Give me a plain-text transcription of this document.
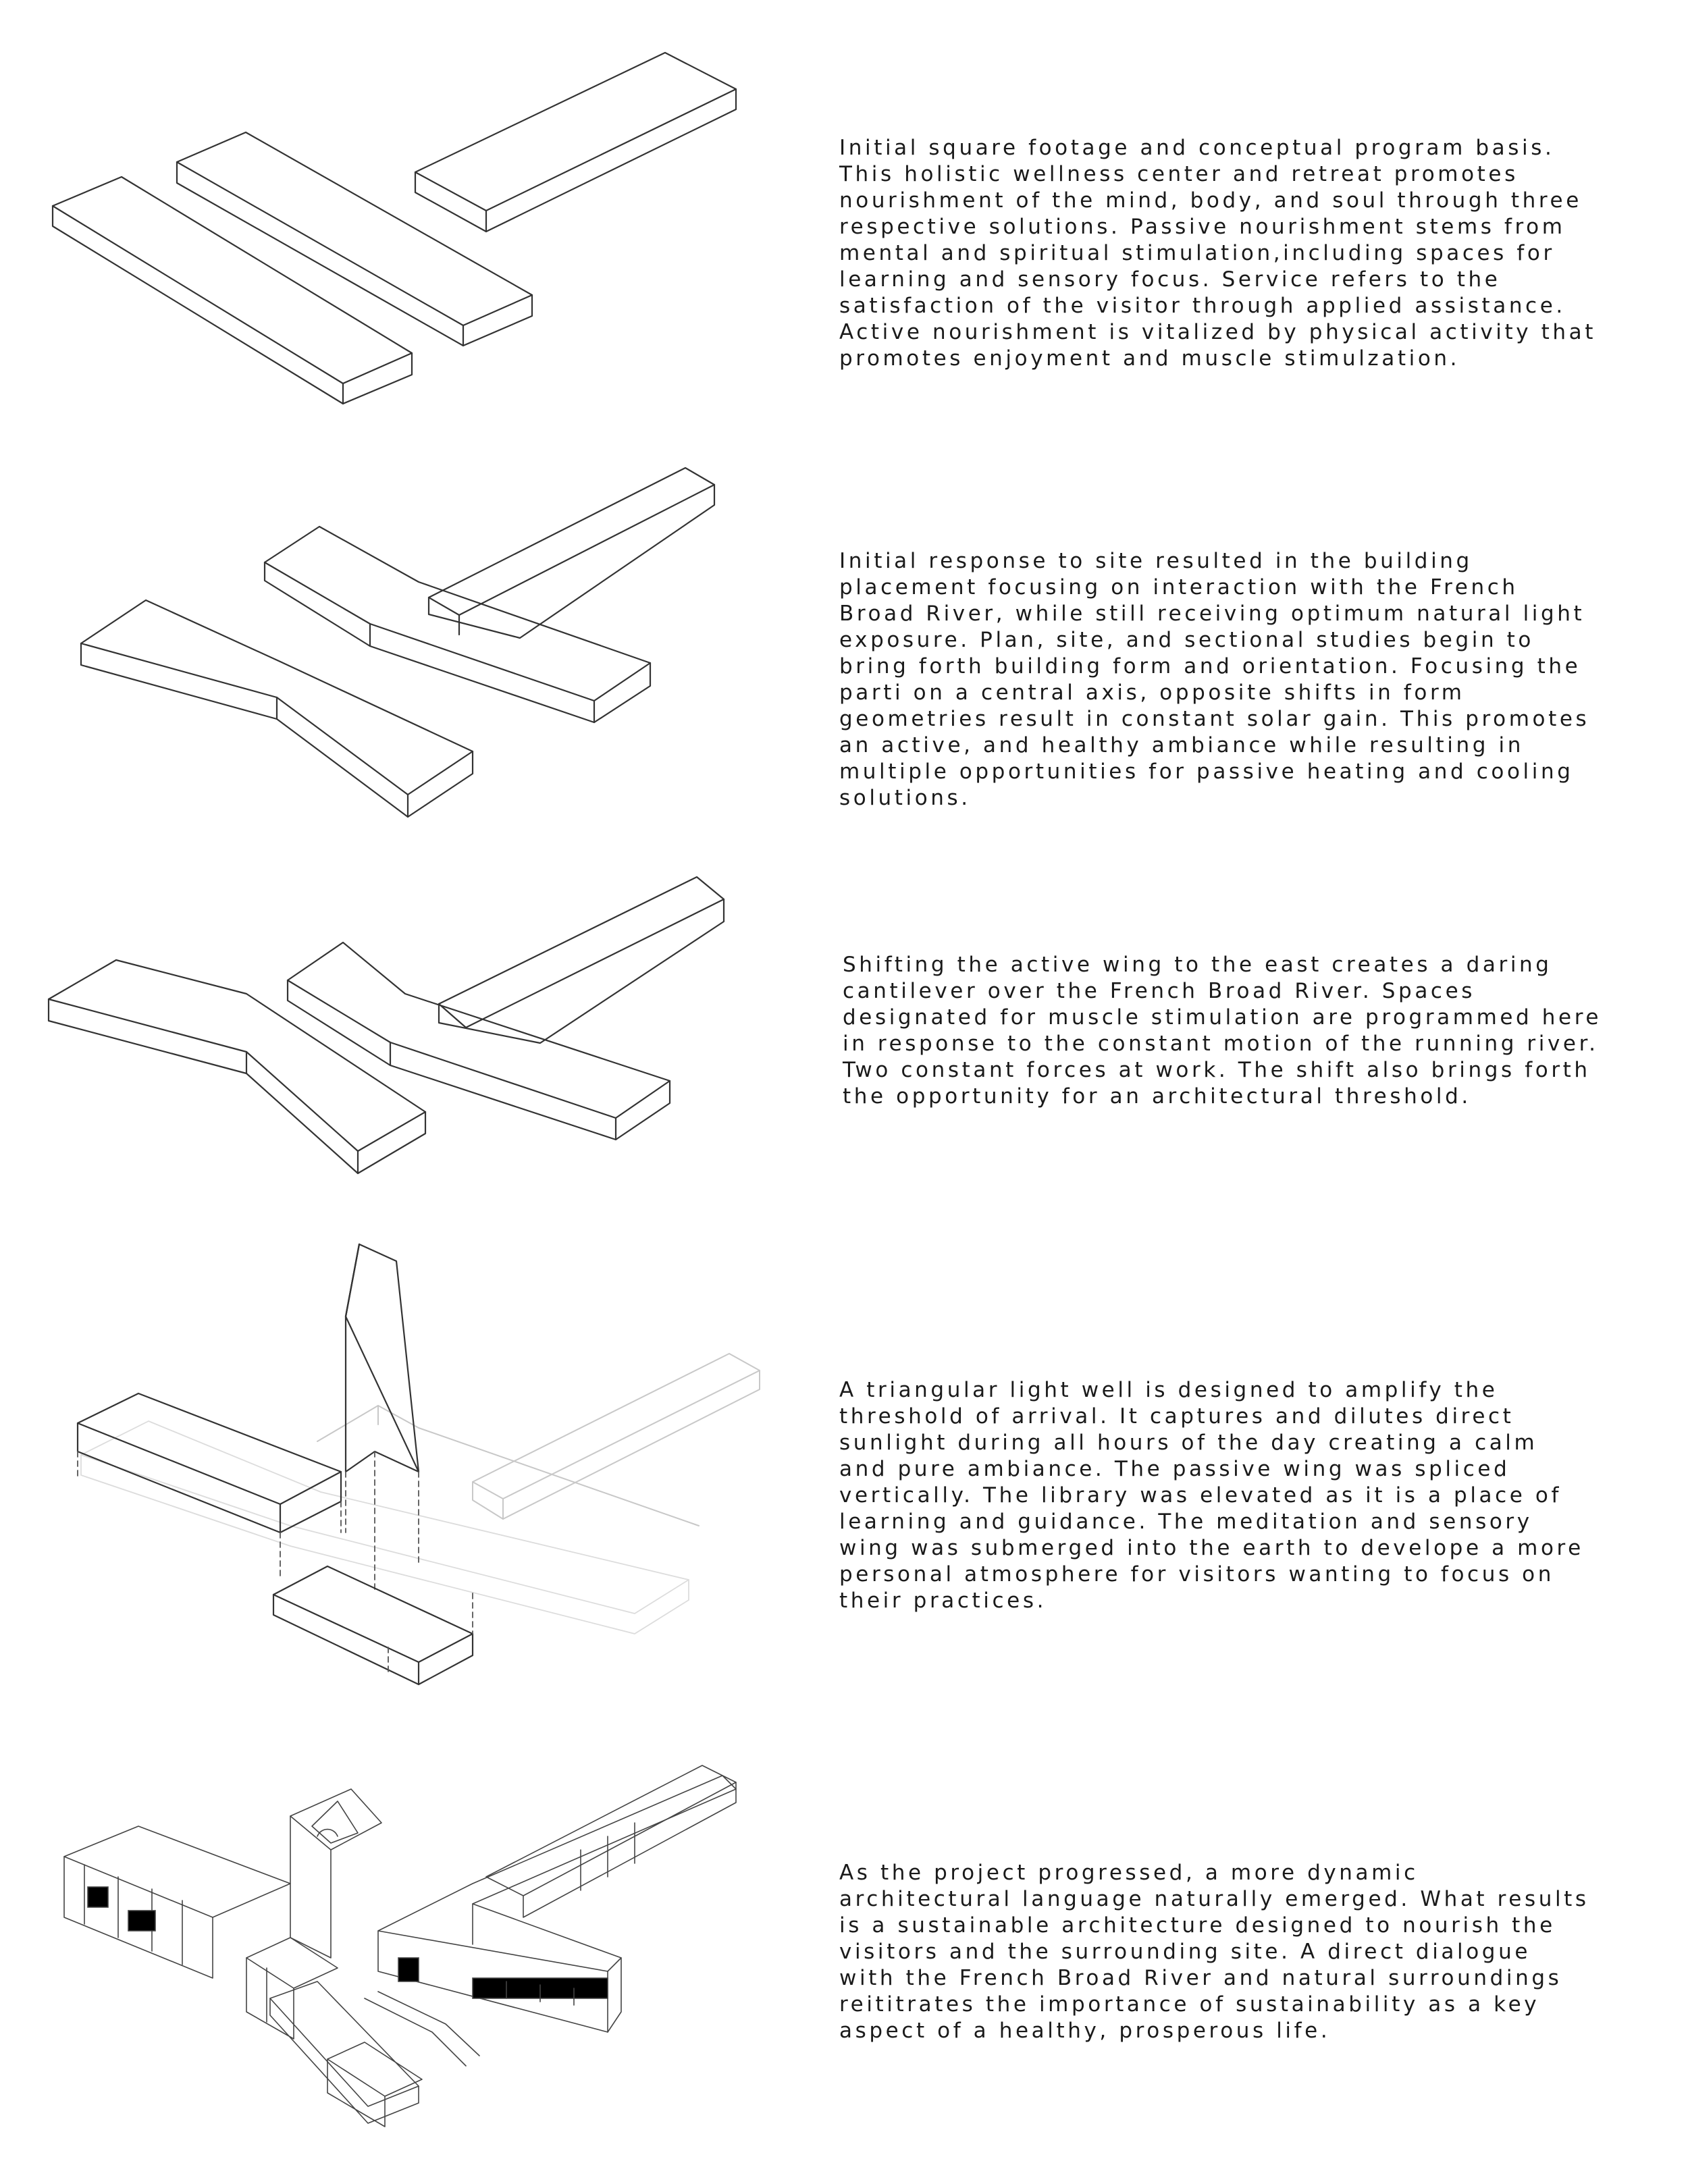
Initial square footage and conceptual program basis.
This holistic wellness center and retreat promotes
nourishment of the mind, body, and soul through three
respective solutions. Passive nourishment stems from
mental and spiritual stimulation,including spaces for
learning and sensory focus. Service refers to the
satisfaction of the visitor through applied assistance.
Active nourishment is vitalized by physical activity that
promotes enjoyment and muscle stimulzation.

Initial response to site resulted in the building
placement focusing on interaction with the French
Broad River, while still receiving optimum natural light
exposure. Plan, site, and sectional studies begin to
bring forth building form and orientation. Focusing the
parti on a central axis, opposite shifts in form
geometries result in constant solar gain. This promotes
an active, and healthy ambiance while resulting in
multiple opportunities for passive heating and cooling
solutions.

Shifting the active wing to the east creates a daring
cantilever over the French Broad River. Spaces
designated for muscle stimulation are programmed here
in response to the constant motion of the running river.
Two constant forces at work. The shift also brings forth
the opportunity for an architectural threshold.

A triangular light well is designed to amplify the
threshold of arrival. It captures and dilutes direct
sunlight during all hours of the day creating a calm
and pure ambiance. The passive wing was spliced
vertically. The library was elevated as it is a place of
learning and guidance. The meditation and sensory
wing was submerged into the earth to develope a more
personal atmosphere for visitors wanting to focus on
their practices.

As the project progressed, a more dynamic
architectural language naturally emerged. What results
is a sustainable architecture designed to nourish the
visitors and the surrounding site. A direct dialogue
with the French Broad River and natural surroundings
reititrates the importance of sustainability as a key
aspect of a healthy, prosperous life.
